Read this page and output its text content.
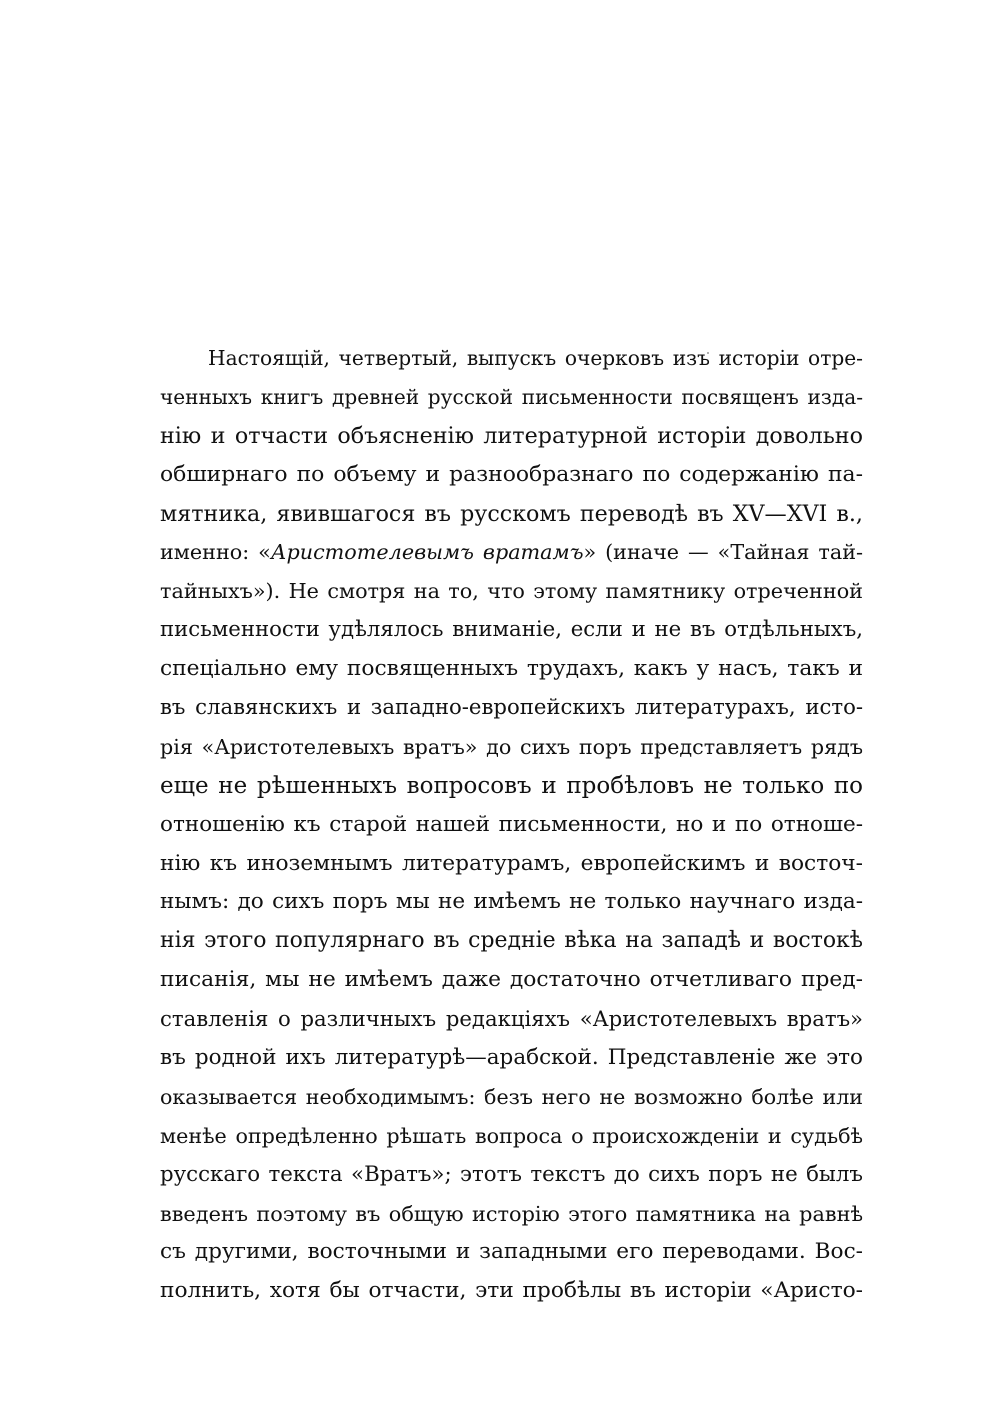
Настоящій, четвертый, выпускъ очерковъ изъ исторіи отре-
ченныхъ книгъ древней русской письменности посвященъ изда-
нію и отчасти объясненію литературной исторіи довольно
обширнаго по объему и разнообразнаго по содержанію па-
мятника, явившагося въ русскомъ переводѣ въ XV—XVI в.,
именно: «Аристотелевымъ вратамъ» (иначе — «Тайная тай-
тайныхъ»). Не смотря на то, что этому памятнику отреченной
письменности удѣлялось вниманіе, если и не въ отдѣльныхъ,
спеціально ему посвященныхъ трудахъ, какъ у насъ, такъ и
въ славянскихъ и западно-европейскихъ литературахъ, исто-
рія «Аристотелевыхъ вратъ» до сихъ поръ представляетъ рядъ
еще не рѣшенныхъ вопросовъ и пробѣловъ не только по
отношенію къ старой нашей письменности, но и по отноше-
нію къ иноземнымъ литературамъ, европейскимъ и восточ-
нымъ: до сихъ поръ мы не имѣемъ не только научнаго изда-
нія этого популярнаго въ средніе вѣка на западѣ и востокѣ
писанія, мы не имѣемъ даже достаточно отчетливаго пред-
ставленія о различныхъ редакціяхъ «Аристотелевыхъ вратъ»
въ родной ихъ литературѣ—арабской. Представленіе же это
оказывается необходимымъ: безъ него не возможно болѣе или
менѣе опредѣленно рѣшать вопроса о происхожденіи и судьбѣ
русскаго текста «Вратъ»; этотъ текстъ до сихъ поръ не былъ
введенъ поэтому въ общую исторію этого памятника на равнѣ
съ другими, восточными и западными его переводами. Вос-
полнить, хотя бы отчасти, эти пробѣлы въ исторіи «Аристо-
